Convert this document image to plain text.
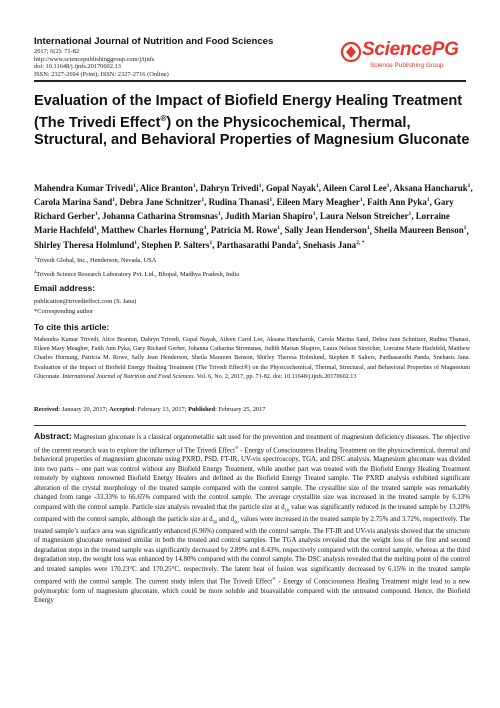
International Journal of Nutrition and Food Sciences
2017; 6(2): 71-82
http://www.sciencepublishinggroup.com/j/ijnfs
doi: 10.11648/j.ijnfs.20170602.13
ISSN: 2327-2694 (Print); ISSN: 2327-2716 (Online)
SciencePG
Science Publishing Group
Evaluation of the Impact of Biofield Energy Healing Treatment (The Trivedi Effect®) on the Physicochemical, Thermal, Structural, and Behavioral Properties of Magnesium Gluconate
Mahendra Kumar Trivedi$^1$, Alice Branton$^1$, Dahryn Trivedi$^1$, Gopal Nayak$^1$, Aileen Carol Lee$^1$, Aksana Hancharuk$^1$, Carola Marina Sand$^1$, Debra Jane Schnitzer$^1$, Rudina Thanasi$^1$, Eileen Mary Meagher$^1$, Faith Ann Pyka$^1$, Gary Richard Gerber$^1$, Johanna Catharina Stromsnas$^1$, Judith Marian Shapiro$^1$, Laura Nelson Streicher$^1$, Lorraine Marie Hachfeld$^1$, Matthew Charles Hornung$^1$, Patricia M. Rowe$^1$, Sally Jean Henderson$^1$, Sheila Maureen Benson$^1$, Shirley Theresa Holmlund$^1$, Stephen P. Salters$^1$, Parthasarathi Panda$^2$, Snehasis Jana$^{2, *}$
$^1$Trivedi Global, Inc., Henderson, Nevada, USA
$^2$Trivedi Science Research Laboratory Pvt. Ltd., Bhopal, Madhya Pradesh, India
Email address:
publication@trivedieffect.com (S. Jana)
*Corresponding author
To cite this article:
Mahendra Kumar Trivedi, Alice Branton, Dahryn Trivedi, Gopal Nayak, Aileen Carol Lee, Aksana Hancharuk, Carola Marina Sand, Debra Jane Schnitzer, Rudina Thanasi, Eileen Mary Meagher, Faith Ann Pyka, Gary Richard Gerber, Johanna Catharina Stromsnas, Judith Marian Shapiro, Laura Nelson Streicher, Lorraine Marie Hachfeld, Matthew Charles Hornung, Patricia M. Rowe, Sally Jean Henderson, Sheila Maureen Benson, Shirley Theresa Holmlund, Stephen P. Salters, Parthasarathi Panda, Snehasis Jana. Evaluation of the Impact of Biofield Energy Healing Treatment (The Trivedi Effect®) on the Physicochemical, Thermal, Structural, and Behavioral Properties of Magnesium Gluconate. International Journal of Nutrition and Food Sciences. Vol. 6, No. 2, 2017, pp. 71-82. doi: 10.11648/j.ijnfs.20170602.13
Received: January 20, 2017; Accepted: February 13, 2017; Published: February 25, 2017
Abstract: Magnesium gluconate is a classical organometallic salt used for the prevention and treatment of magnesium deficiency diseases. The objective of the current research was to explore the influence of The Trivedi Effect® - Energy of Consciousness Healing Treatment on the physicochemical, thermal and behavioral properties of magnesium gluconate using PXRD, PSD, FT-IR, UV-vis spectroscopy, TGA, and DSC analysis. Magnesium gluconate was divided into two parts – one part was control without any Biofield Energy Treatment, while another part was treated with the Biofield Energy Healing Treatment remotely by eighteen renowned Biofield Energy Healers and defined as the Biofield Energy Treated sample. The PXRD analysis exhibited significant alteration of the crystal morphology of the treated sample compared with the control sample. The crystallite size of the treated sample was remarkably changed from range -33.33% to 66.65% compared with the control sample. The average crystallite size was increased in the treated sample by 6.13% compared with the control sample. Particle size analysis revealed that the particle size at $d_{10}$ value was significantly reduced in the treated sample by 13.20% compared with the control sample, although the particle size at $d_{50}$ and $d_{90}$ values were increased in the treated sample by 2.75% and 3.72%, respectively. The treated sample’s surface area was significantly enhanced (6.96%) compared with the control sample. The FT-IR and UV-vis analysis showed that the structure of magnesium gluconate remained similar in both the treated and control samples. The TGA analysis revealed that the weight loss of the first and second degradation steps in the treated sample was significantly decreased by 2.89% and 8.43%, respectively compared with the control sample, whereas at the third degradation step, the weight loss was enhanced by 14.80% compared with the control sample. The DSC analysis revealed that the melting point of the control and treated samples were 170.23°C and 170.25°C, respectively. The latent heat of fusion was significantly decreased by 6.15% in the treated sample compared with the control sample. The current study infers that The Trivedi Effect® - Energy of Consciousness Healing Treatment might lead to a new polymorphic form of magnesium gluconate, which could be more soluble and bioavailable compared with the untreated compound. Hence, the Biofield Energy
